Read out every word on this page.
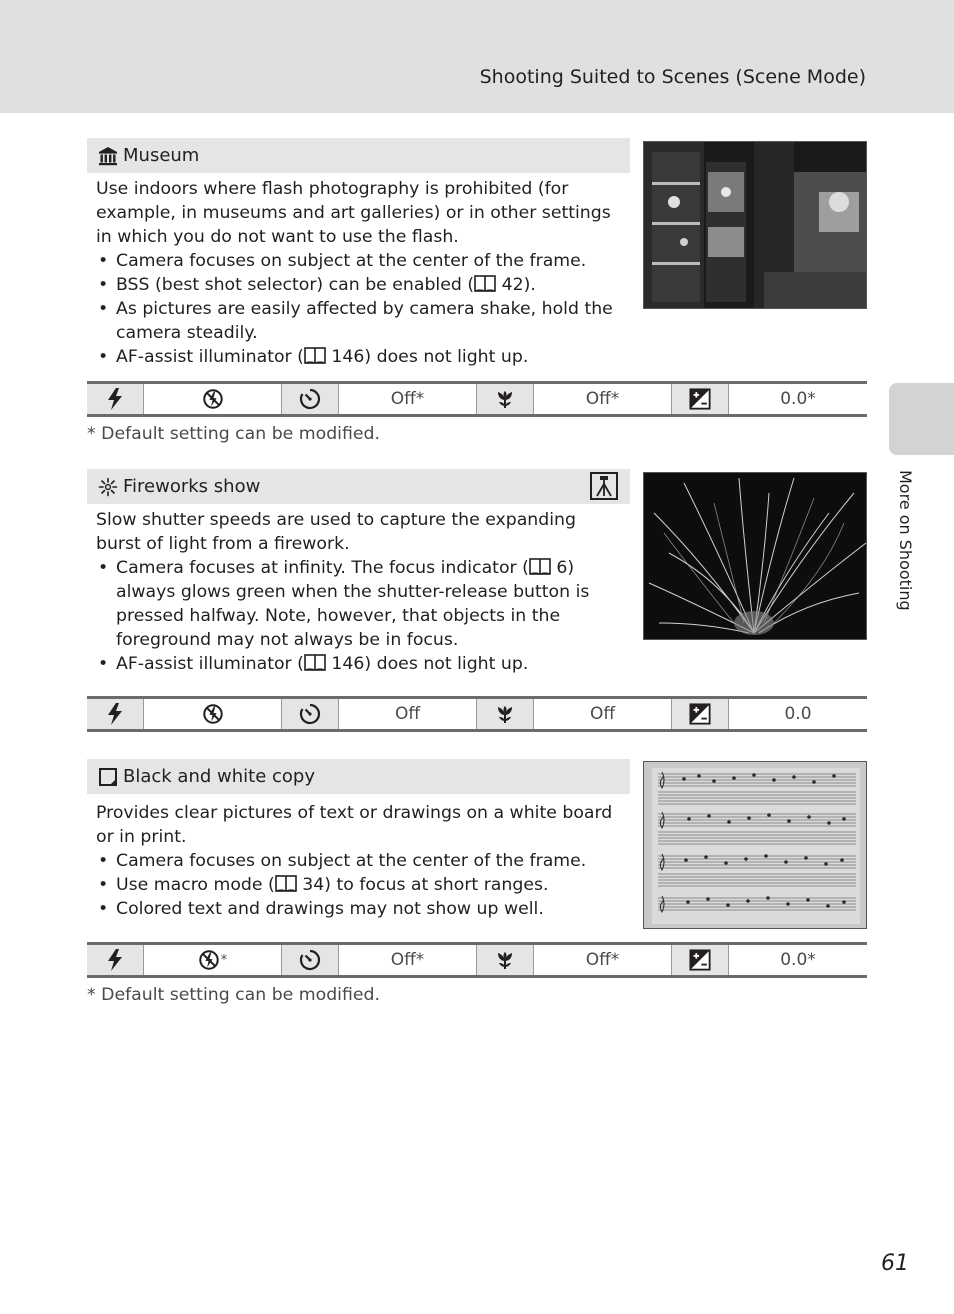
Shooting Suited to Scenes (Scene Mode)
More on Shooting
Museum

Use indoors where flash photography is prohibited (for example, in museums and art galleries) or in other settings in which you do not want to use the flash.

• Camera focuses on subject at the center of the frame.
• BSS (best shot selector) can be enabled ( 42).
• As pictures are easily affected by camera shake, hold the camera steadily.
• AF-assist illuminator ( 146) does not light up.
Off*	Off*	0.0*
* Default setting can be modified.
Fireworks show

Slow shutter speeds are used to capture the expanding burst of light from a firework.

• Camera focuses at infinity. The focus indicator ( 6) always glows green when the shutter-release button is pressed halfway. Note, however, that objects in the foreground may not always be in focus.
• AF-assist illuminator ( 146) does not light up.
Off	Off	0.0
Black and white copy

Provides clear pictures of text or drawings on a white board or in print.

• Camera focuses on subject at the center of the frame.
• Use macro mode ( 34) to focus at short ranges.
• Colored text and drawings may not show up well.
*	Off*	Off*	0.0*
* Default setting can be modified.
61
